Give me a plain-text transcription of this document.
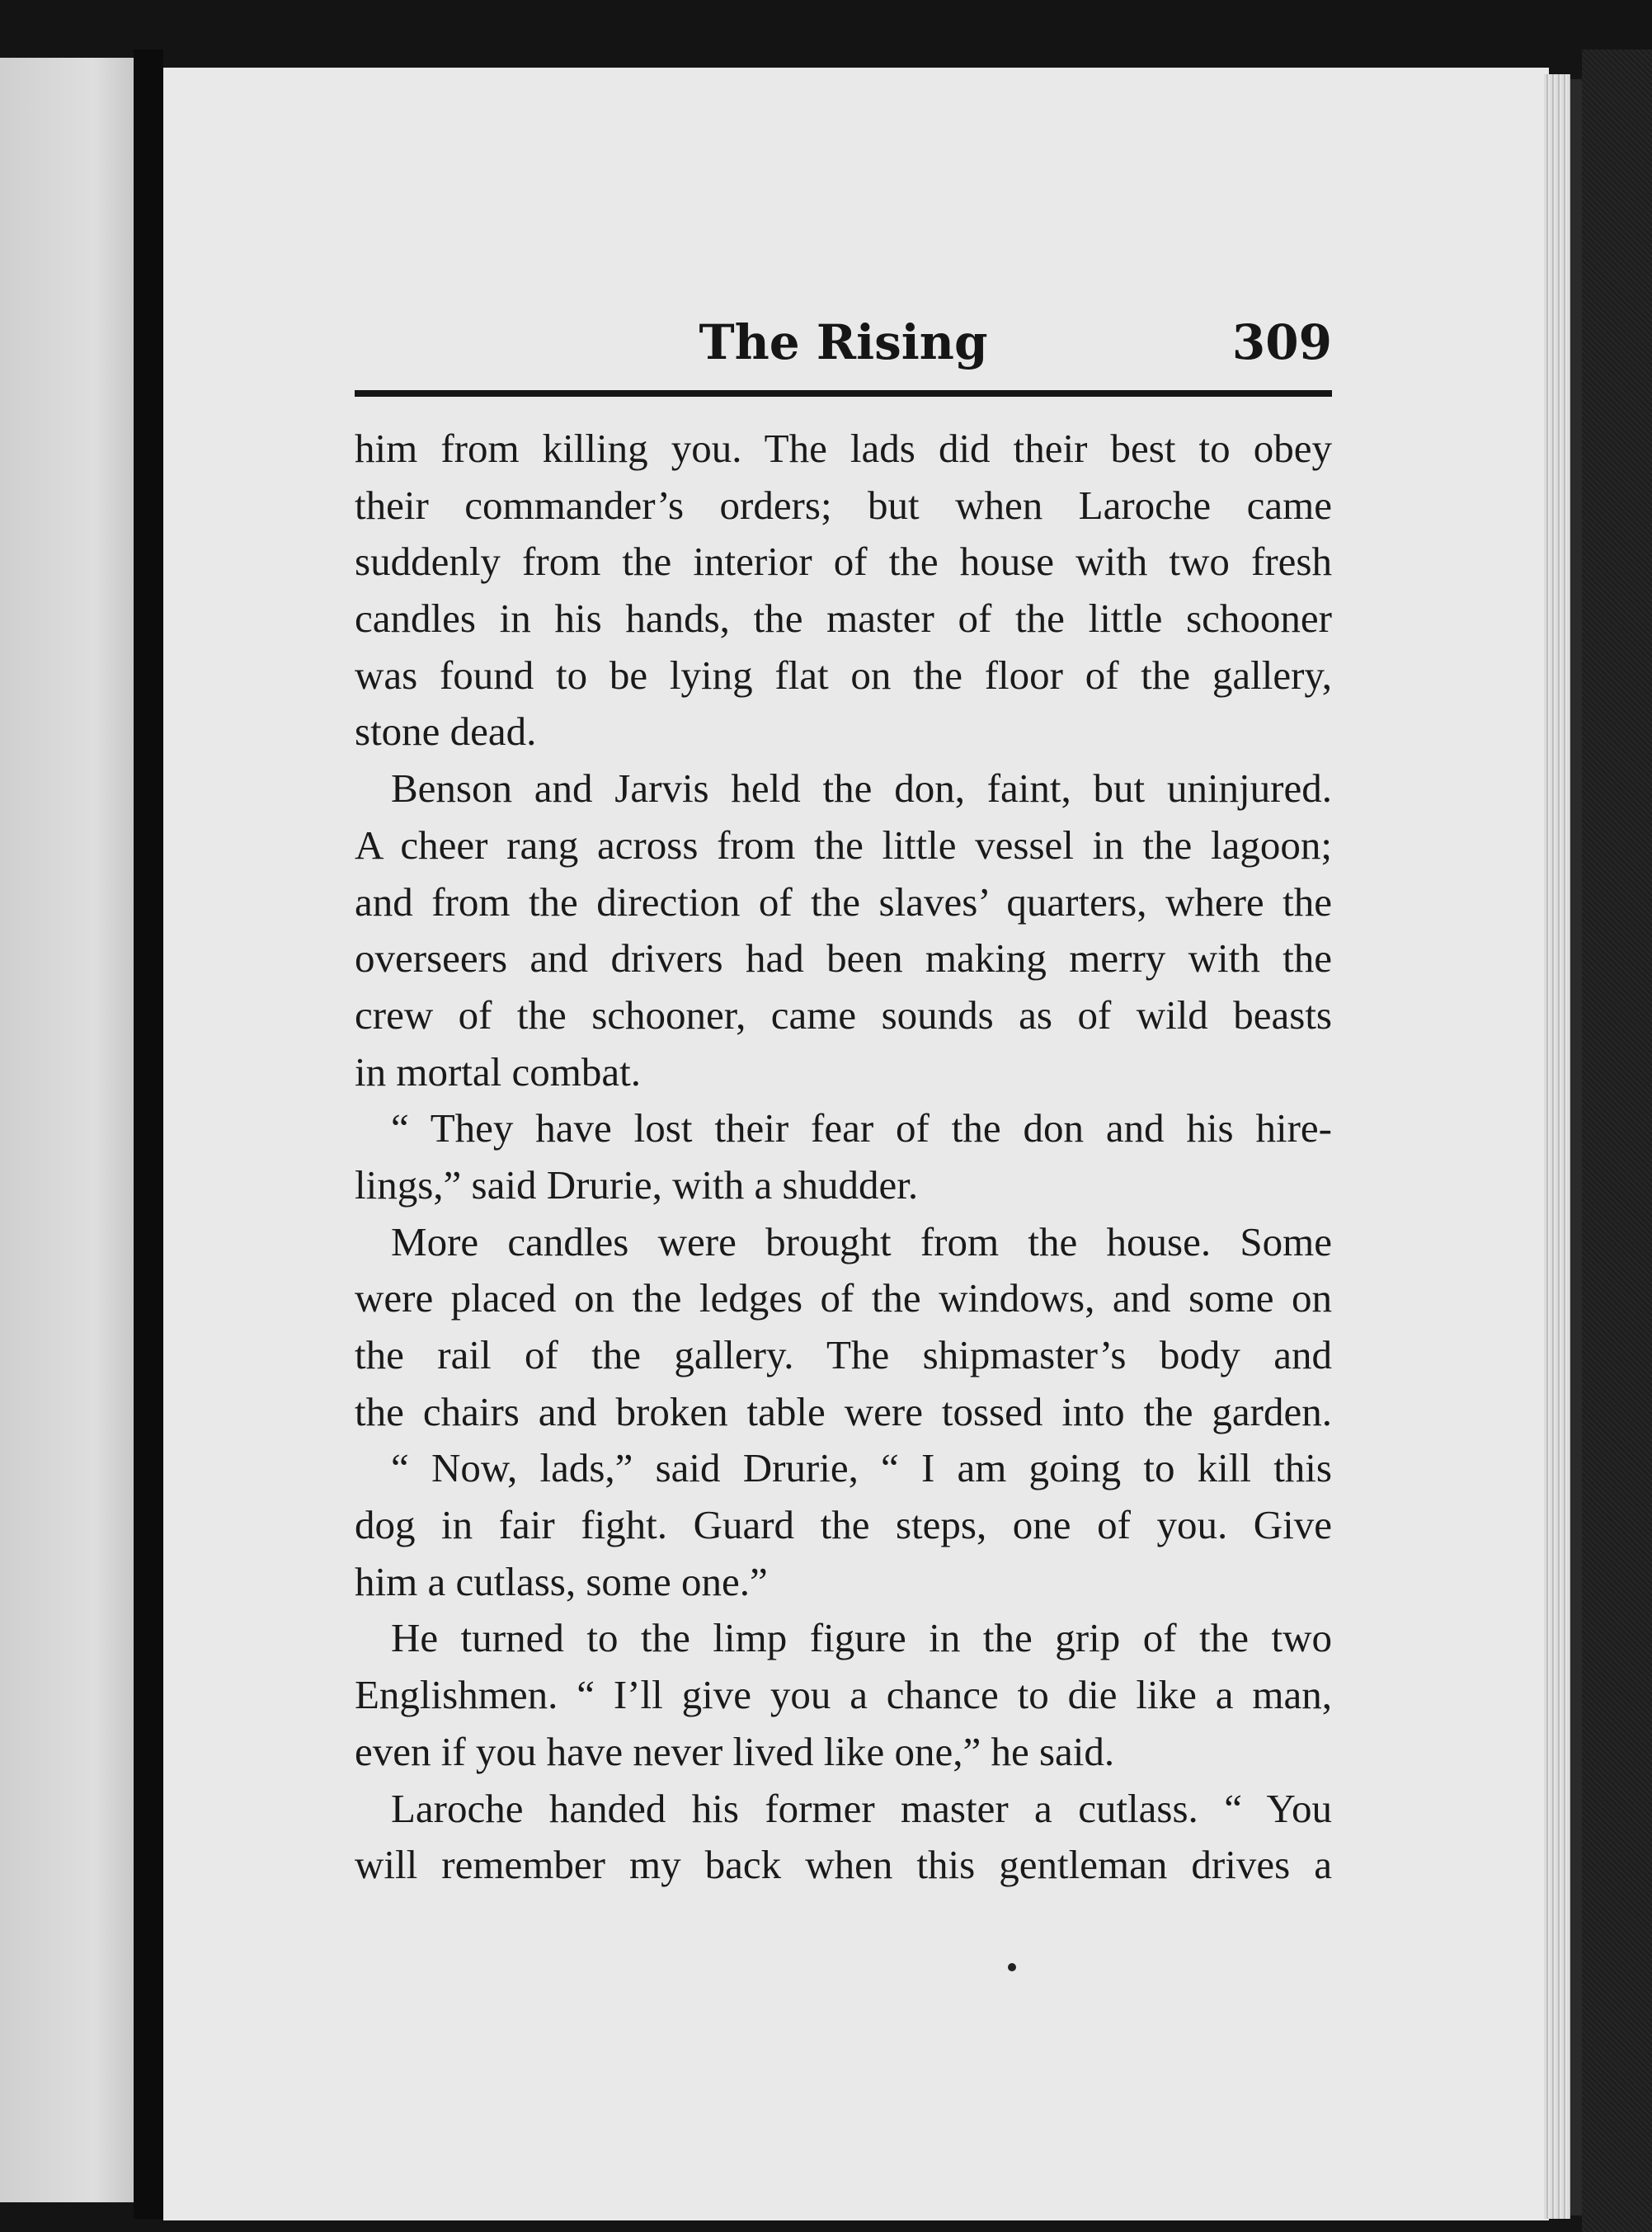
The Rising	309
him from killing you. The lads did their best to obey
their commander’s orders; but when Laroche came
suddenly from the interior of the house with two fresh
candles in his hands, the master of the little schooner
was found to be lying flat on the floor of the gallery,
stone dead.
Benson and Jarvis held the don, faint, but uninjured.
A cheer rang across from the little vessel in the lagoon;
and from the direction of the slaves’ quarters, where the
overseers and drivers had been making merry with the
crew of the schooner, came sounds as of wild beasts
in mortal combat.
“ They have lost their fear of the don and his hire-
lings,” said Drurie, with a shudder.
More candles were brought from the house. Some
were placed on the ledges of the windows, and some on
the rail of the gallery. The shipmaster’s body and
the chairs and broken table were tossed into the garden.
“ Now, lads,” said Drurie, “ I am going to kill this
dog in fair fight. Guard the steps, one of you. Give
him a cutlass, some one.”
He turned to the limp figure in the grip of the two
Englishmen. “ I’ll give you a chance to die like a man,
even if you have never lived like one,” he said.
Laroche handed his former master a cutlass. “ You
will remember my back when this gentleman drives a
